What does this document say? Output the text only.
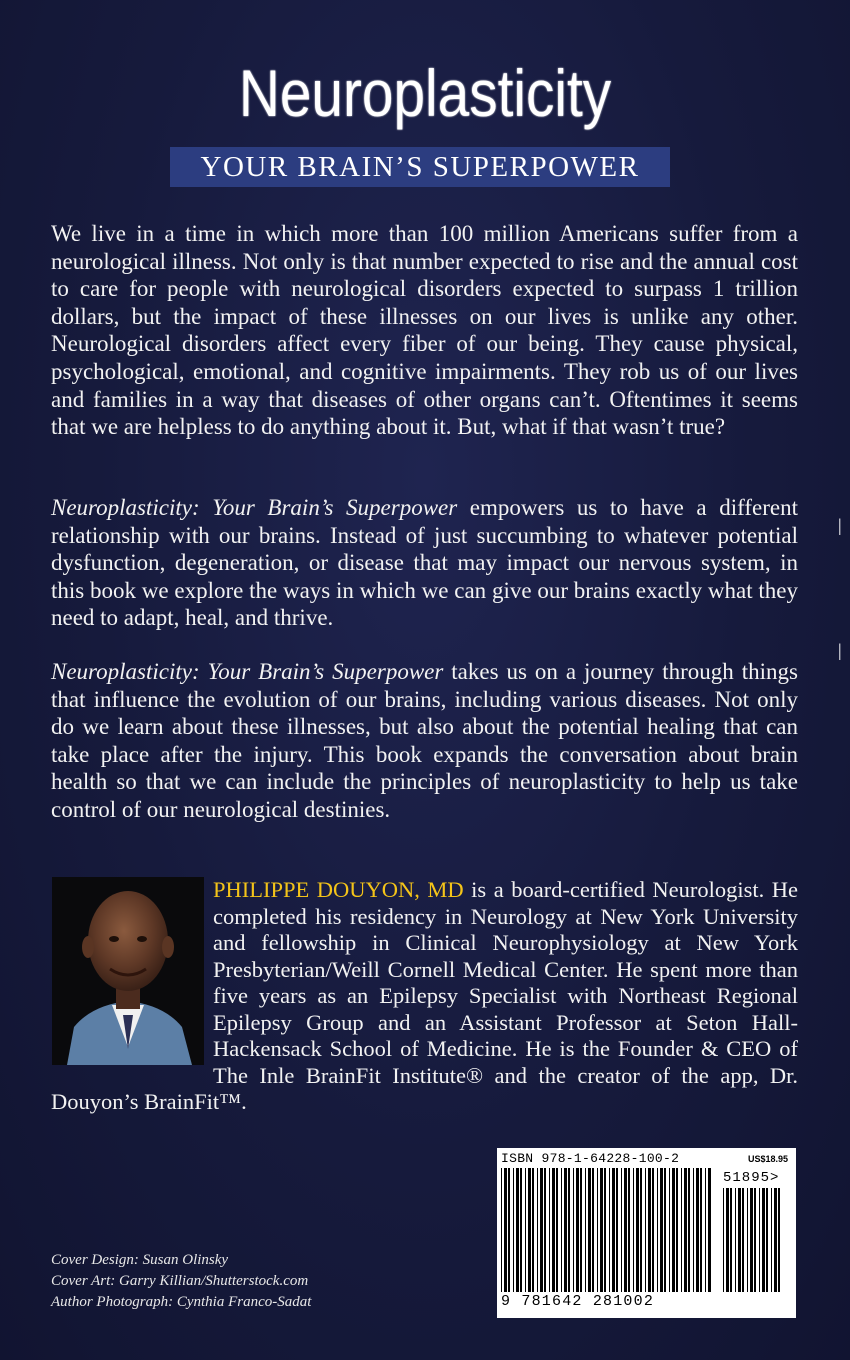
Neuroplasticity
YOUR BRAIN’S SUPERPOWER

We live in a time in which more than 100 million Americans suffer from a neurological illness. Not only is that number expected to rise and the annual cost to care for people with neurological disorders expected to surpass 1 trillion dollars, but the impact of these illnesses on our lives is unlike any other. Neurological disorders affect every fiber of our being. They cause physical, psychological, emotional, and cognitive impairments. They rob us of our lives and families in a way that diseases of other organs can’t. Oftentimes it seems that we are helpless to do anything about it. But, what if that wasn’t true?

Neuroplasticity: Your Brain’s Superpower empowers us to have a different relationship with our brains. Instead of just succumbing to whatever potential dysfunction, degeneration, or disease that may impact our nervous system, in this book we explore the ways in which we can give our brains exactly what they need to adapt, heal, and thrive.

Neuroplasticity: Your Brain’s Superpower takes us on a journey through things that influence the evolution of our brains, including various diseases. Not only do we learn about these illnesses, but also about the potential healing that can take place after the injury. This book expands the conversation about brain health so that we can include the principles of neuroplasticity to help us take control of our neurological destinies.

PHILIPPE DOUYON, MD is a board-certified Neurologist. He completed his residency in Neurology at New York University and fellowship in Clinical Neurophysiology at New York Presbyterian/Weill Cornell Medical Center. He spent more than five years as an Epilepsy Specialist with Northeast Regional Epilepsy Group and an Assistant Professor at Seton Hall-Hackensack School of Medicine. He is the Founder & CEO of The Inle BrainFit Institute® and the creator of the app, Dr. Douyon’s BrainFit™.

Cover Design: Susan Olinsky
Cover Art: Garry Killian/Shutterstock.com
Author Photograph: Cynthia Franco-Sadat
ISBN 978-1-64228-100-2	US$18.95
51895>
9 781642 281002
|
|
